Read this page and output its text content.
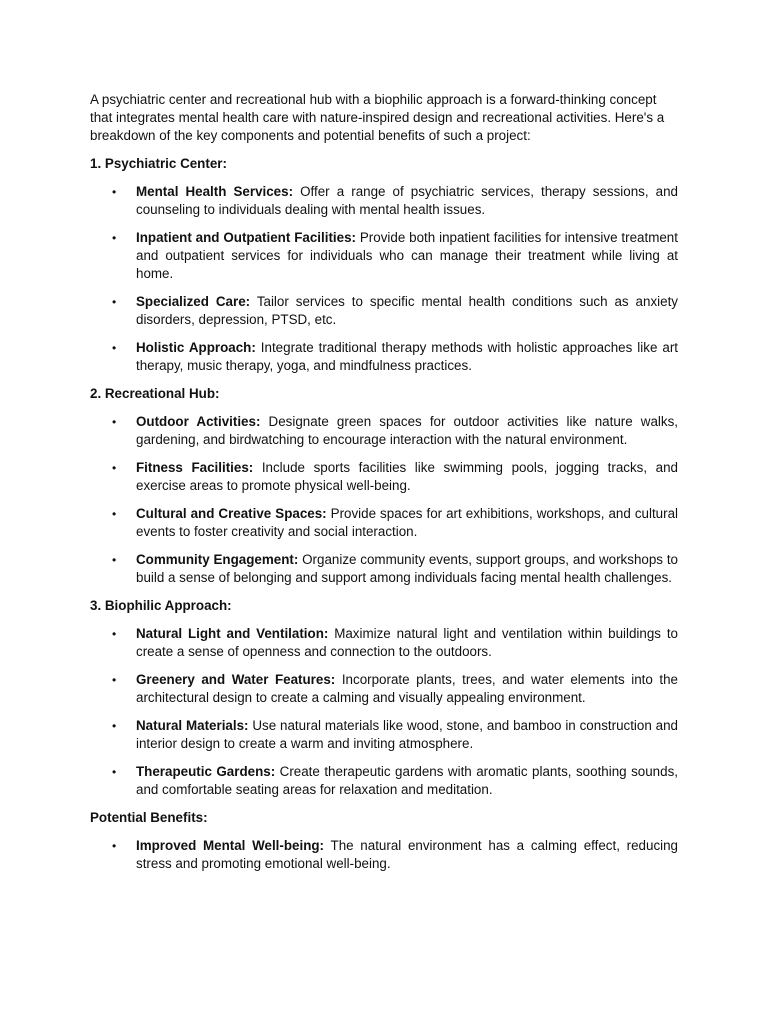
A psychiatric center and recreational hub with a biophilic approach is a forward-thinking concept that integrates mental health care with nature-inspired design and recreational activities. Here's a breakdown of the key components and potential benefits of such a project:

1. Psychiatric Center:
• Mental Health Services: Offer a range of psychiatric services, therapy sessions, and counseling to individuals dealing with mental health issues.
• Inpatient and Outpatient Facilities: Provide both inpatient facilities for intensive treatment and outpatient services for individuals who can manage their treatment while living at home.
• Specialized Care: Tailor services to specific mental health conditions such as anxiety disorders, depression, PTSD, etc.
• Holistic Approach: Integrate traditional therapy methods with holistic approaches like art therapy, music therapy, yoga, and mindfulness practices.
2. Recreational Hub:
• Outdoor Activities: Designate green spaces for outdoor activities like nature walks, gardening, and birdwatching to encourage interaction with the natural environment.
• Fitness Facilities: Include sports facilities like swimming pools, jogging tracks, and exercise areas to promote physical well-being.
• Cultural and Creative Spaces: Provide spaces for art exhibitions, workshops, and cultural events to foster creativity and social interaction.
• Community Engagement: Organize community events, support groups, and workshops to build a sense of belonging and support among individuals facing mental health challenges.
3. Biophilic Approach:
• Natural Light and Ventilation: Maximize natural light and ventilation within buildings to create a sense of openness and connection to the outdoors.
• Greenery and Water Features: Incorporate plants, trees, and water elements into the architectural design to create a calming and visually appealing environment.
• Natural Materials: Use natural materials like wood, stone, and bamboo in construction and interior design to create a warm and inviting atmosphere.
• Therapeutic Gardens: Create therapeutic gardens with aromatic plants, soothing sounds, and comfortable seating areas for relaxation and meditation.
Potential Benefits:
• Improved Mental Well-being: The natural environment has a calming effect, reducing stress and promoting emotional well-being.
